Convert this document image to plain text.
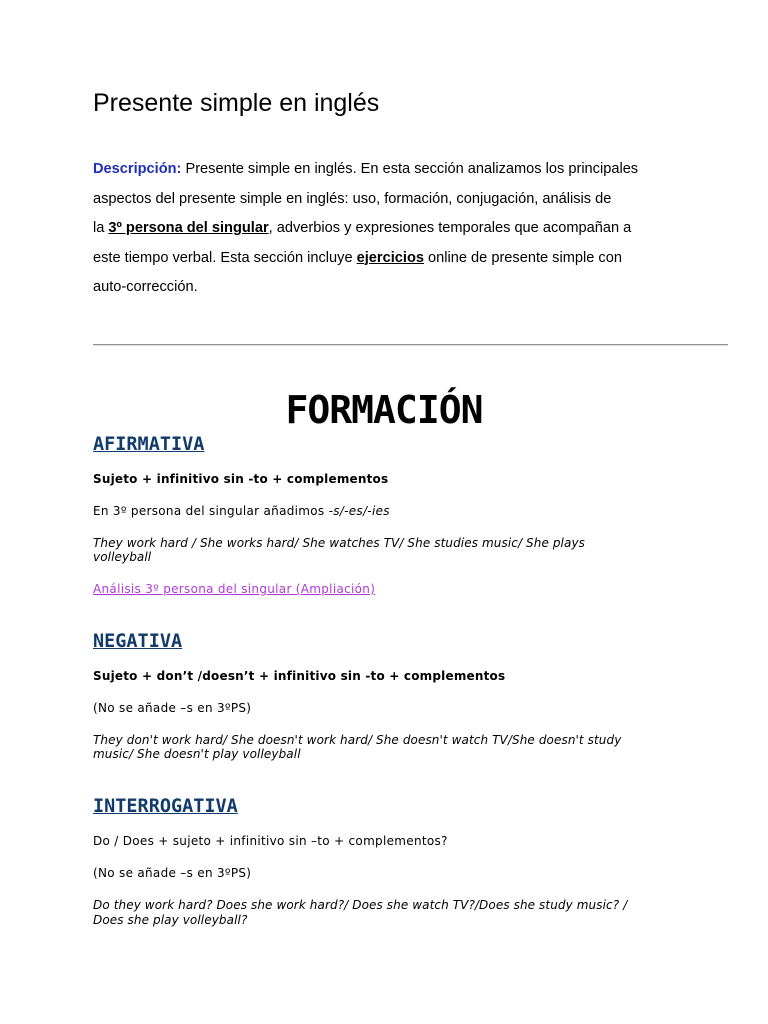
Presente simple en inglés

Descripción: Presente simple en inglés. En esta sección analizamos los principales
aspectos del presente simple en inglés: uso, formación, conjugación, análisis de
la 3º persona del singular, adverbios y expresiones temporales que acompañan a
este tiempo verbal. Esta sección incluye ejercicios online de presente simple con
auto-corrección.

FORMACIÓN
AFIRMATIVA

Sujeto + infinitivo sin -to + complementos

En 3º persona del singular añadimos -s/-es/-ies

They work hard / She works hard/ She watches TV/ She studies music/ She plays

volleyball

Análisis 3º persona del singular (Ampliación)

NEGATIVA

Sujeto + don’t /doesn’t + infinitivo sin -to + complementos

(No se añade –s en 3ºPS)

They don't work hard/ She doesn't work hard/ She doesn't watch TV/She doesn't study

music/ She doesn't play volleyball

INTERROGATIVA

Do / Does + sujeto + infinitivo sin –to + complementos?

(No se añade –s en 3ºPS)

Do they work hard? Does she work hard?/ Does she watch TV?/Does she study music? /

Does she play volleyball?
